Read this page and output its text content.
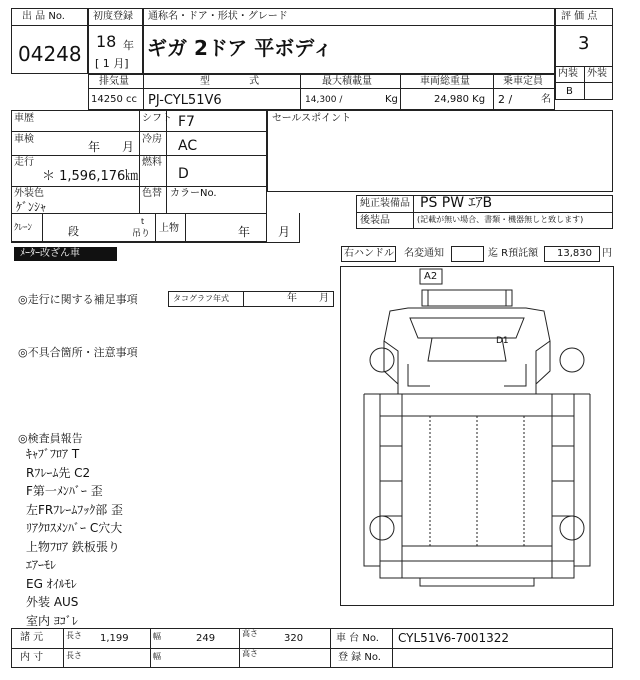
出 品 No.
04248
初度登録
18 年
[ 1 月]
通称名・ドア・形状・グレード
ギガ 2ドア 平ボディ
評 価 点
3
内装 外装
B
排気量
14250 cc
型 式
PJ-CYL51V6
最大積載量
14,300 /	Kg
車両総重量
24,980 Kg
乗車定員
2 /	名
車歴	シフト F7
車検
年 月
冷房 AC
走行
＊ 1,596,176㎞
燃料
D
外装色
ｹﾞﾝｼｬ
色替 カラーNo.
ｸﾚｰﾝ	段
t
吊り 上物	年 月
セールスポイント
純正装備品 PS PW ｴｱB
後装品	(記載が無い場合、書類・機器無しと致します)
ﾒｰﾀｰ改ざん車	右ハンドル 名変通知	迄 R預託額 13,830 円
◎走行に関する補足事項	タコグラフ年式	年 月
◎不具合箇所・注意事項
◎検査員報告
ｷｬﾌﾞﾌﾛｱ T
Rﾌﾚｰﾑ先 C2
F第一ﾒﾝﾊﾞｰ 歪
左FRﾌﾚｰﾑﾌｯｸ部 歪
ﾘｱｸﾛｽﾒﾝﾊﾞｰ C穴大
上物ﾌﾛｱ 鉄板張り
ｴｱｰﾓﾚ
EG ｵｲﾙﾓﾚ
外装 AUS
室内 ﾖｺﾞﾚ
A2
D1
諸 元	長さ 1,199	幅	249	高さ	320	車 台 No. CYL51V6-7001322
内 寸	長さ	幅	高さ	登 録 No.
